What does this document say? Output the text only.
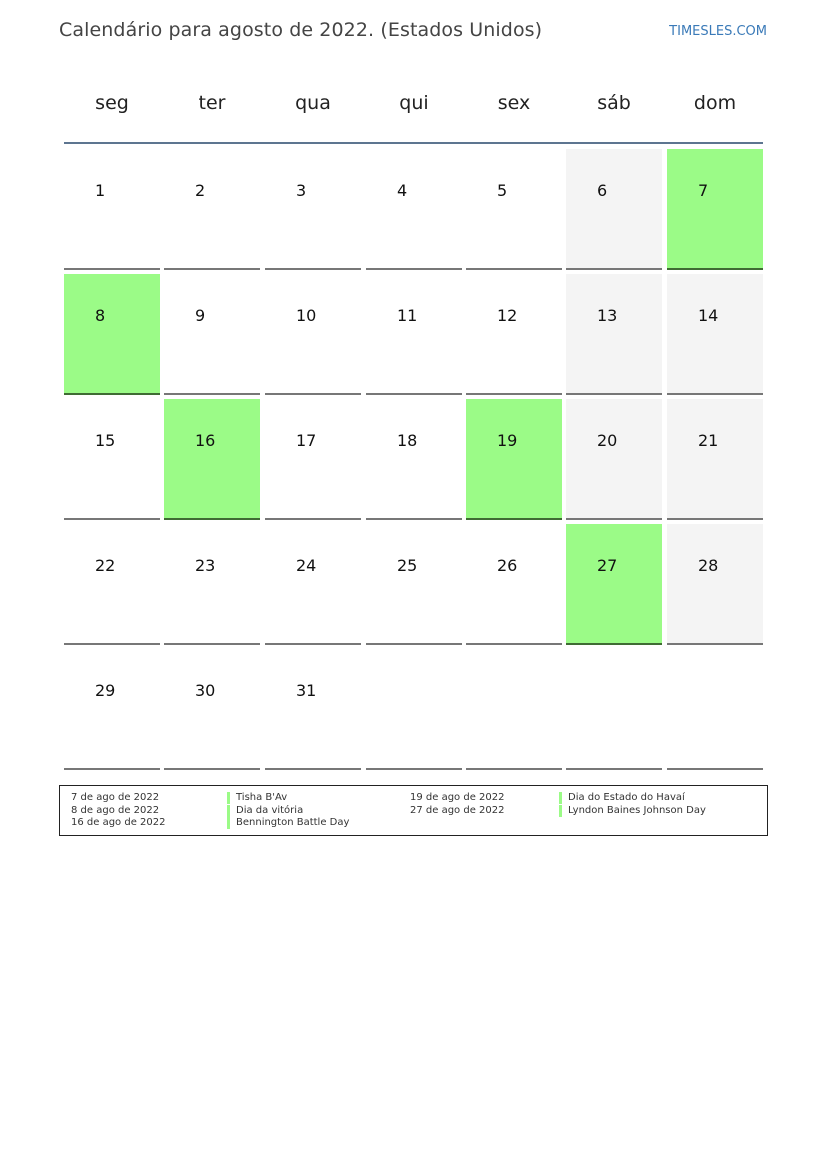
Calendário para agosto de 2022. (Estados Unidos)	TIMESLES.COM
seg	ter	qua	qui	sex	sáb	dom
1	2	3	4	5	6	7
8	9	10	11	12	13	14
15	16	17	18	19	20	21
22	23	24	25	26	27	28
29	30	31
7 de ago de 2022	Tisha B'Av
8 de ago de 2022	Dia da vitória
16 de ago de 2022	Bennington Battle Day
19 de ago de 2022	Dia do Estado do Havaí
27 de ago de 2022	Lyndon Baines Johnson Day
